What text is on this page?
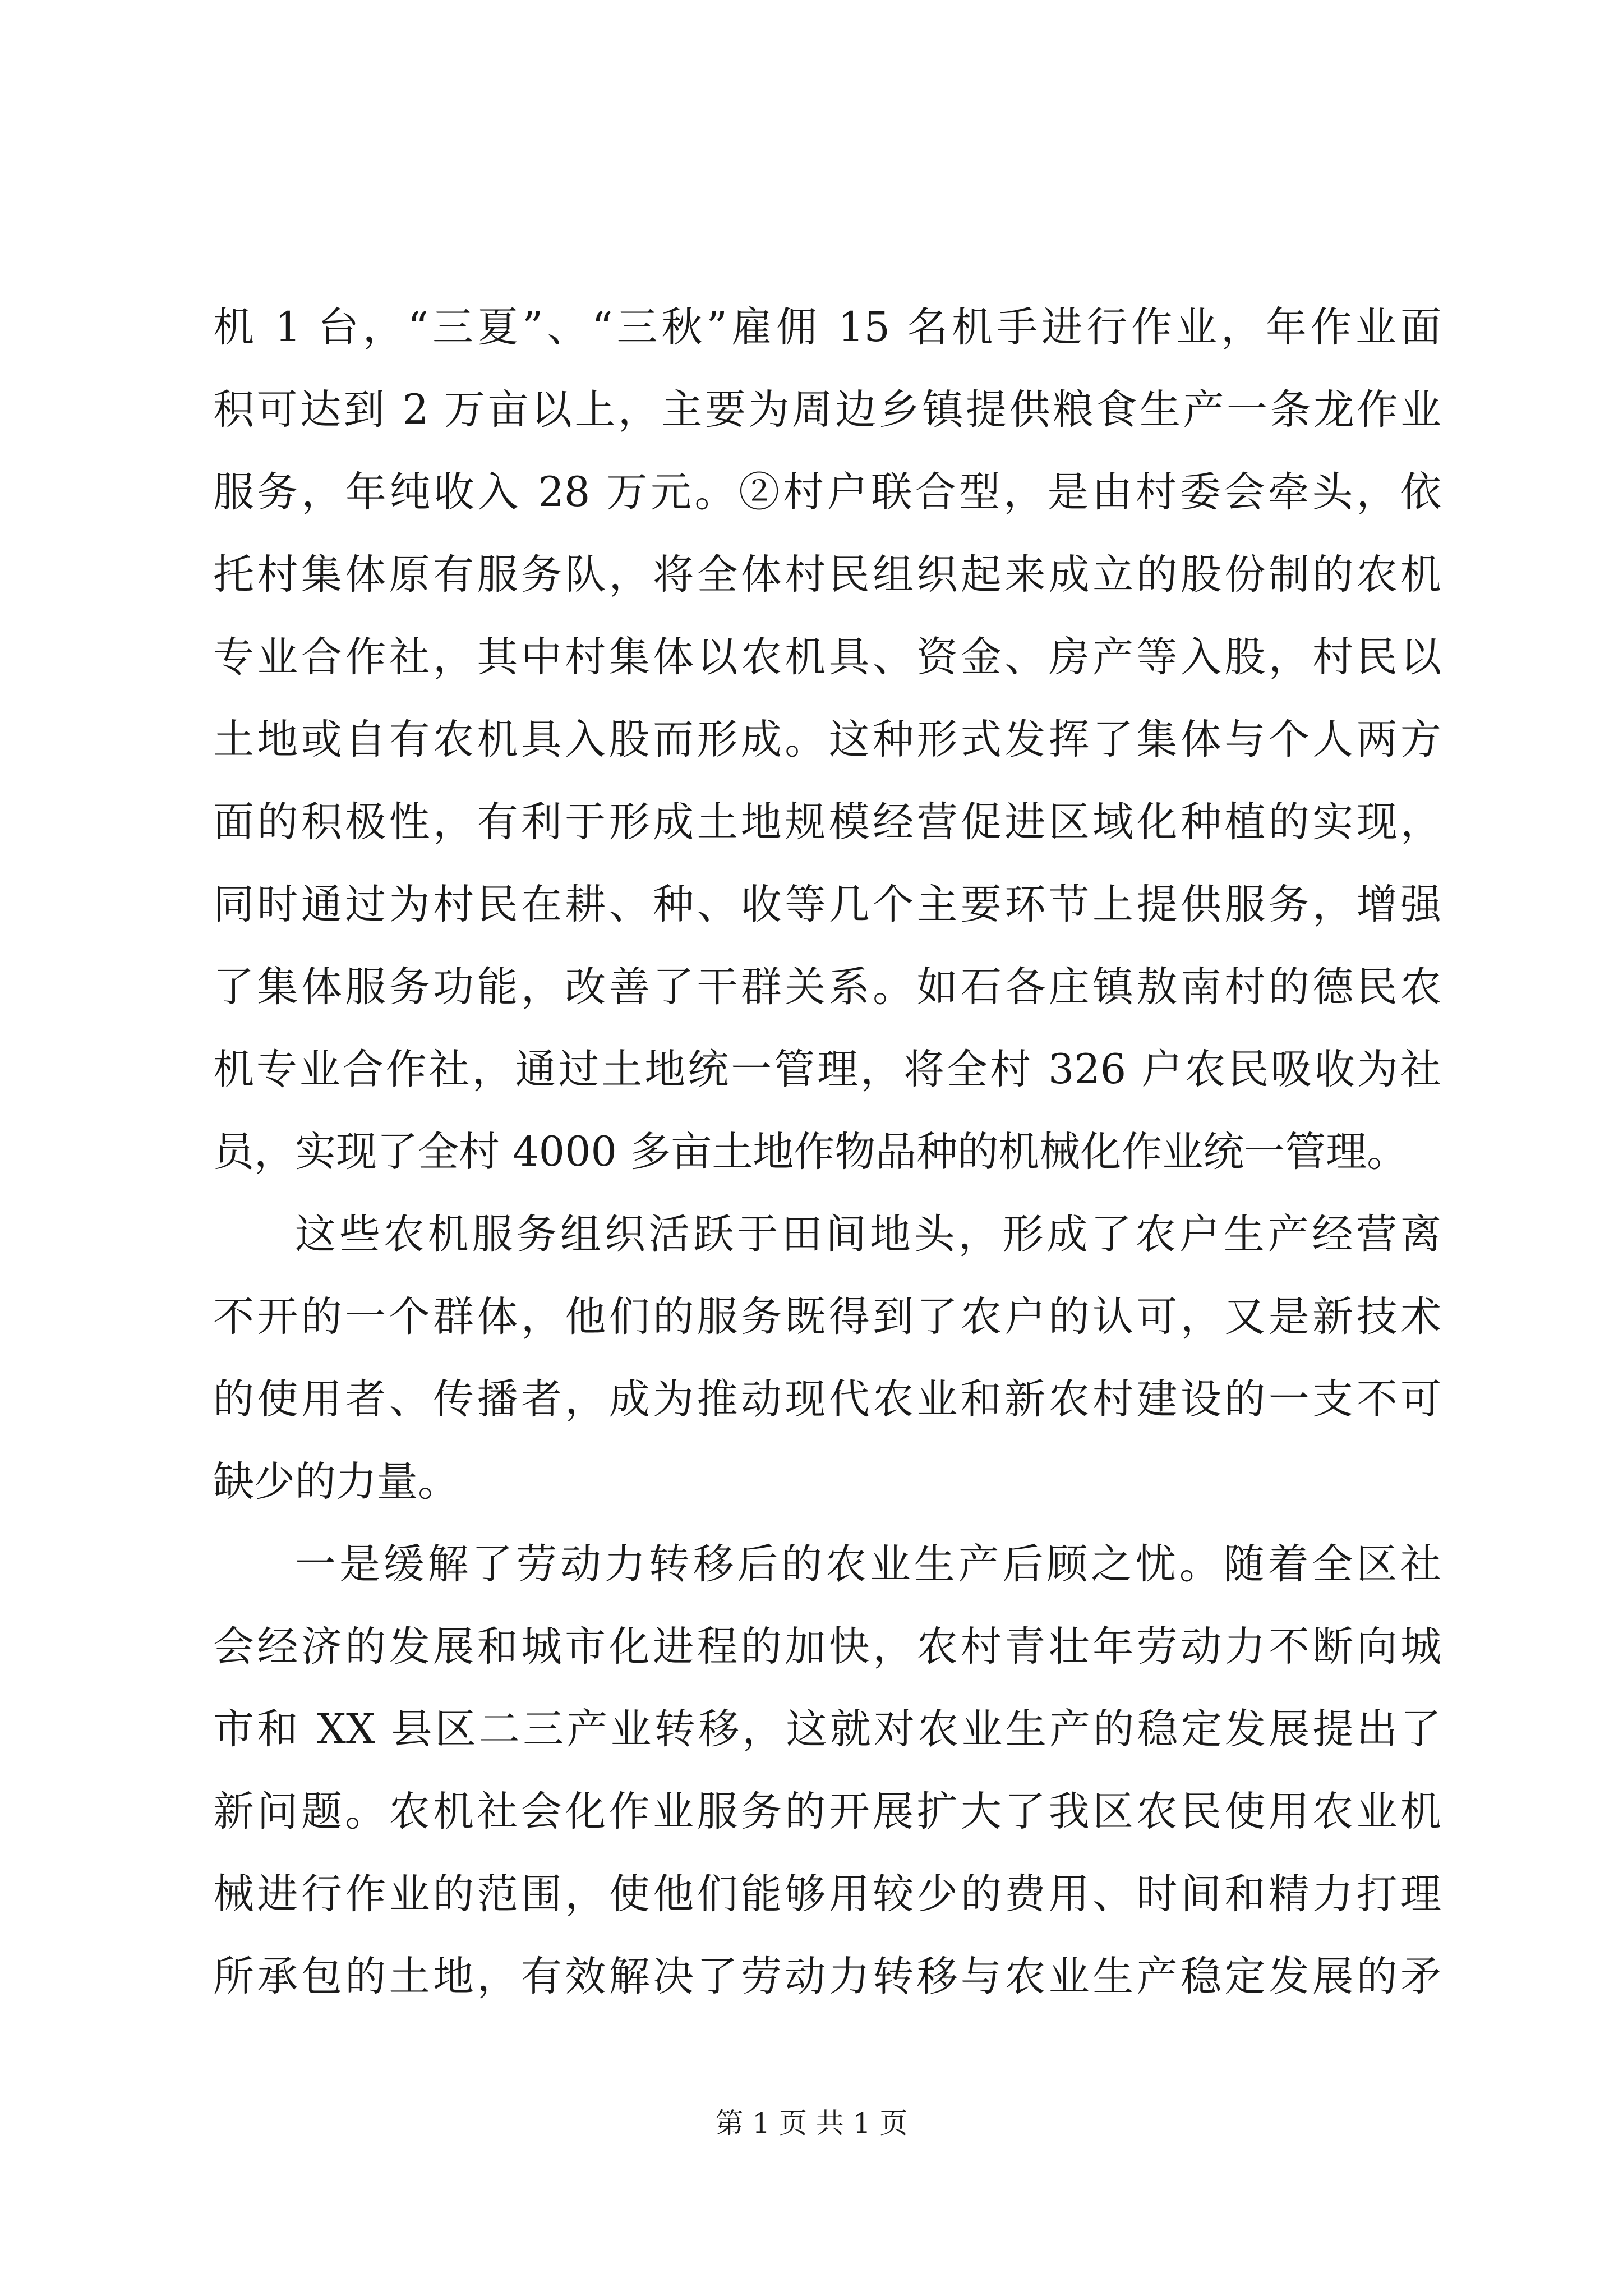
机 1 台，“三夏”、“三秋”雇佣 15 名机手进行作业，年作业面
积可达到 2 万亩以上，主要为周边乡镇提供粮食生产一条龙作业
服务，年纯收入 28 万元。②村户联合型，是由村委会牵头，依
托村集体原有服务队，将全体村民组织起来成立的股份制的农机
专业合作社，其中村集体以农机具、资金、房产等入股，村民以
土地或自有农机具入股而形成。这种形式发挥了集体与个人两方
面的积极性，有利于形成土地规模经营促进区域化种植的实现，
同时通过为村民在耕、种、收等几个主要环节上提供服务，增强
了集体服务功能，改善了干群关系。如石各庄镇敖南村的德民农
机专业合作社，通过土地统一管理，将全村 326 户农民吸收为社
员，实现了全村 4000 多亩土地作物品种的机械化作业统一管理。
这些农机服务组织活跃于田间地头，形成了农户生产经营离
不开的一个群体，他们的服务既得到了农户的认可，又是新技术
的使用者、传播者，成为推动现代农业和新农村建设的一支不可
缺少的力量。
一是缓解了劳动力转移后的农业生产后顾之忧。随着全区社
会经济的发展和城市化进程的加快，农村青壮年劳动力不断向城
市和 XX 县区二三产业转移，这就对农业生产的稳定发展提出了
新问题。农机社会化作业服务的开展扩大了我区农民使用农业机
械进行作业的范围，使他们能够用较少的费用、时间和精力打理
所承包的土地，有效解决了劳动力转移与农业生产稳定发展的矛
第 1 页 共 1 页
